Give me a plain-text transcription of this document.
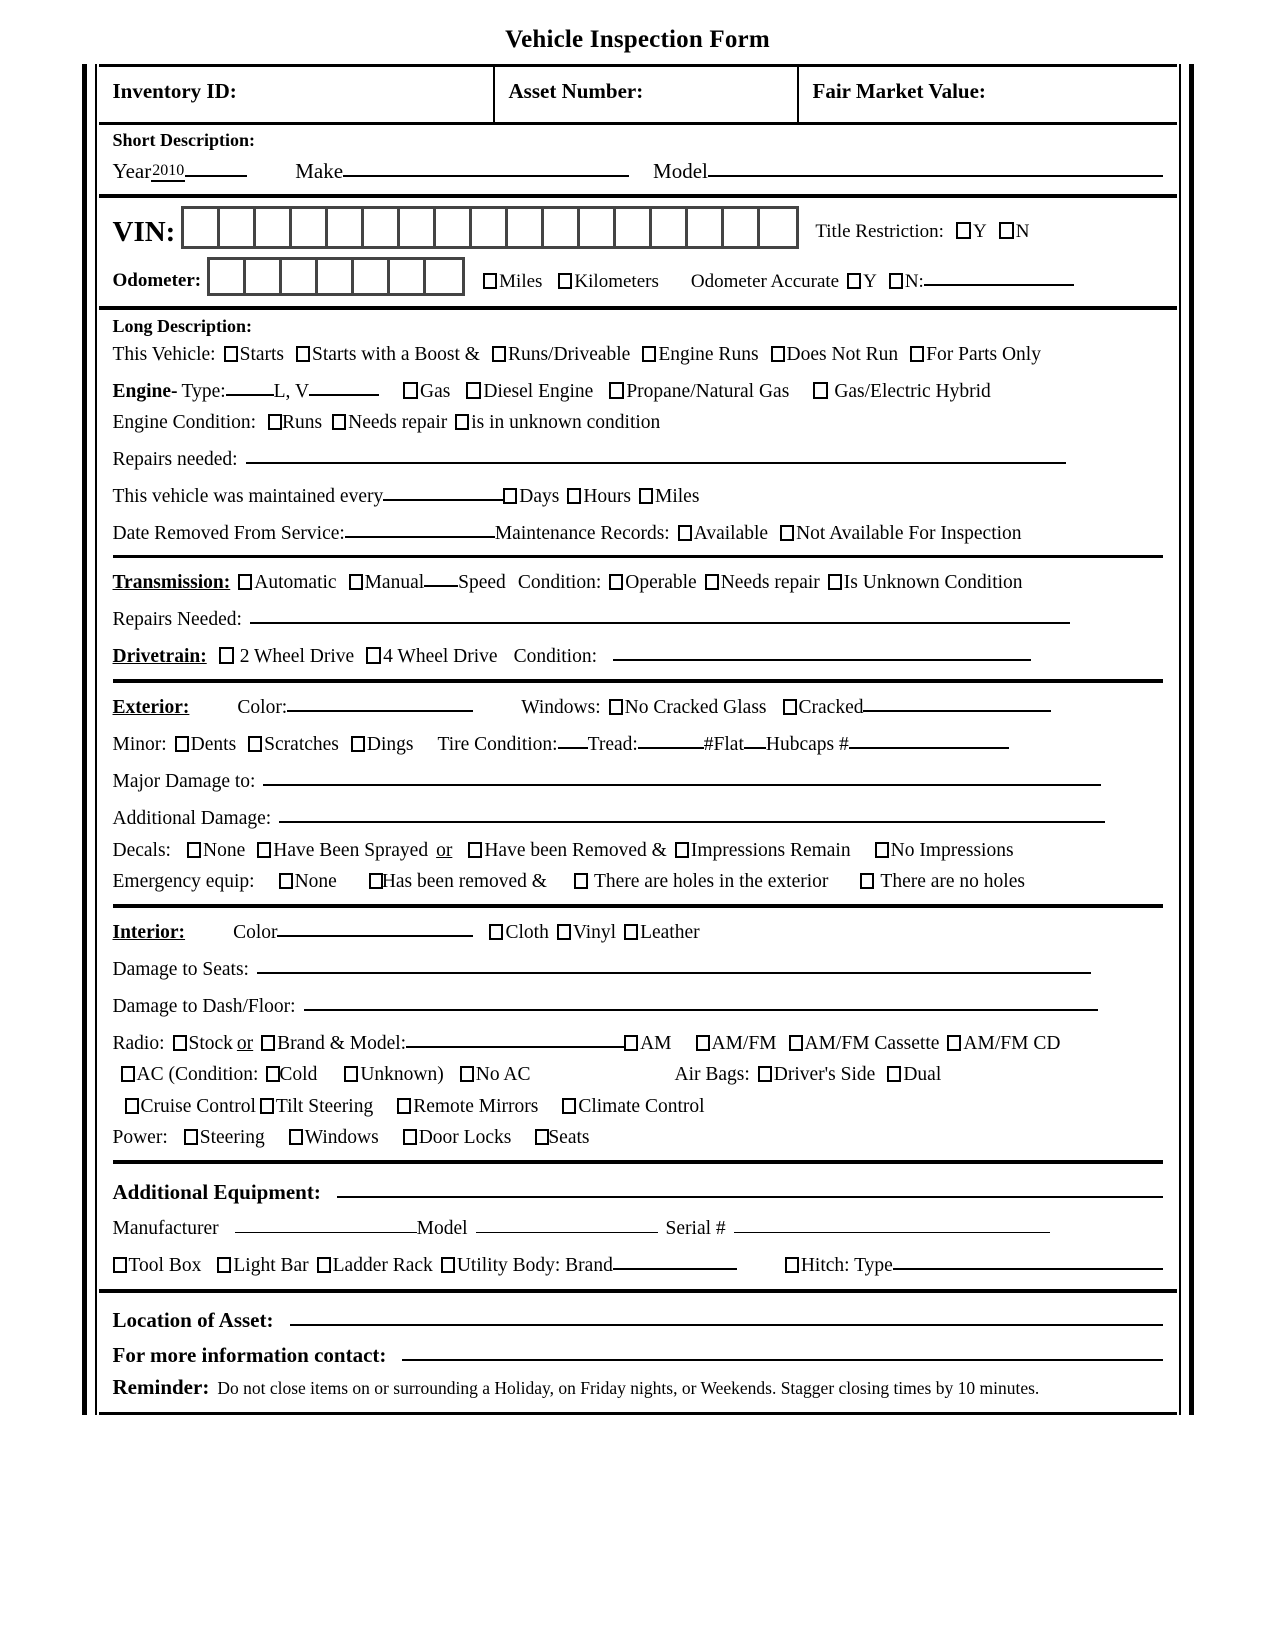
Vehicle Inspection Form
Inventory ID:	Asset Number:	Fair Market Value:
Short Description:
Year 2010	Make	Model
VIN:	Title Restriction: Y N
Odometer:	Miles Kilometers Odometer Accurate Y N:
Long Description:
This Vehicle: Starts Starts with a Boost & Runs/Driveable Engine Runs Does Not Run For Parts Only
Engine- Type: L, V	Gas Diesel Engine Propane/Natural Gas Gas/Electric Hybrid
Engine Condition: Runs Needs repair is in unknown condition
Repairs needed:
This vehicle was maintained every	Days Hours Miles
Date Removed From Service:	Maintenance Records: Available Not Available For Inspection
Transmission: Automatic Manual Speed Condition: Operable Needs repair Is Unknown Condition
Repairs Needed:
Drivetrain: 2 Wheel Drive 4 Wheel Drive Condition:
Exterior: Color:	Windows: No Cracked Glass Cracked
Minor: Dents Scratches Dings Tire Condition: Tread:	#Flat Hubcaps #
Major Damage to:
Additional Damage:
Decals: None Have Been Sprayed or Have been Removed & Impressions Remain No Impressions
Emergency equip: None Has been removed & There are holes in the exterior	There are no holes
Interior: Color	Cloth Vinyl Leather
Damage to Seats:
Damage to Dash/Floor:
Radio: Stock or Brand & Model:	AM AM/FM AM/FM Cassette AM/FM CD
AC (Condition: Cold Unknown) No AC	Air Bags: Driver's Side Dual
Cruise Control Tilt Steering Remote Mirrors Climate Control
Power: Steering Windows Door Locks Seats
Additional Equipment:
Manufacturer	Model	Serial #
Tool Box Light Bar Ladder Rack Utility Body: Brand	Hitch: Type
Location of Asset:
For more information contact:
Reminder: Do not close items on or surrounding a Holiday, on Friday nights, or Weekends. Stagger closing times by 10 minutes.
